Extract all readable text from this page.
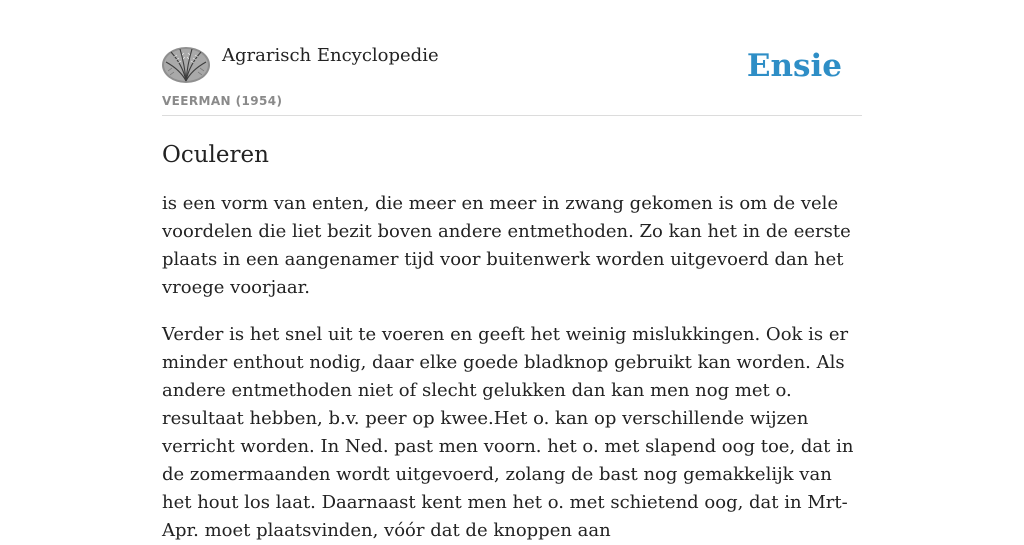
Agrarisch Encyclopedie
VEERMAN (1954)
Ensie
Oculeren

is een vorm van enten, die meer en meer in zwang gekomen is om de vele voordelen die liet bezit boven andere entmethoden. Zo kan het in de eerste plaats in een aangenamer tijd voor buitenwerk worden uitgevoerd dan het vroege voorjaar.

Verder is het snel uit te voeren en geeft het weinig mislukkingen. Ook is er minder enthout nodig, daar elke goede bladknop gebruikt kan worden. Als andere entmethoden niet of slecht gelukken dan kan men nog met o. resultaat hebben, b.v. peer op kwee.Het o. kan op verschillende wijzen verricht worden. In Ned. past men voorn. het o. met slapend oog toe, dat in de zomermaanden wordt uitgevoerd, zolang de bast nog gemakkelijk van het hout los laat. Daarnaast kent men het o. met schietend oog, dat in Mrt-Apr. moet plaatsvinden, vóór dat de knoppen aan
